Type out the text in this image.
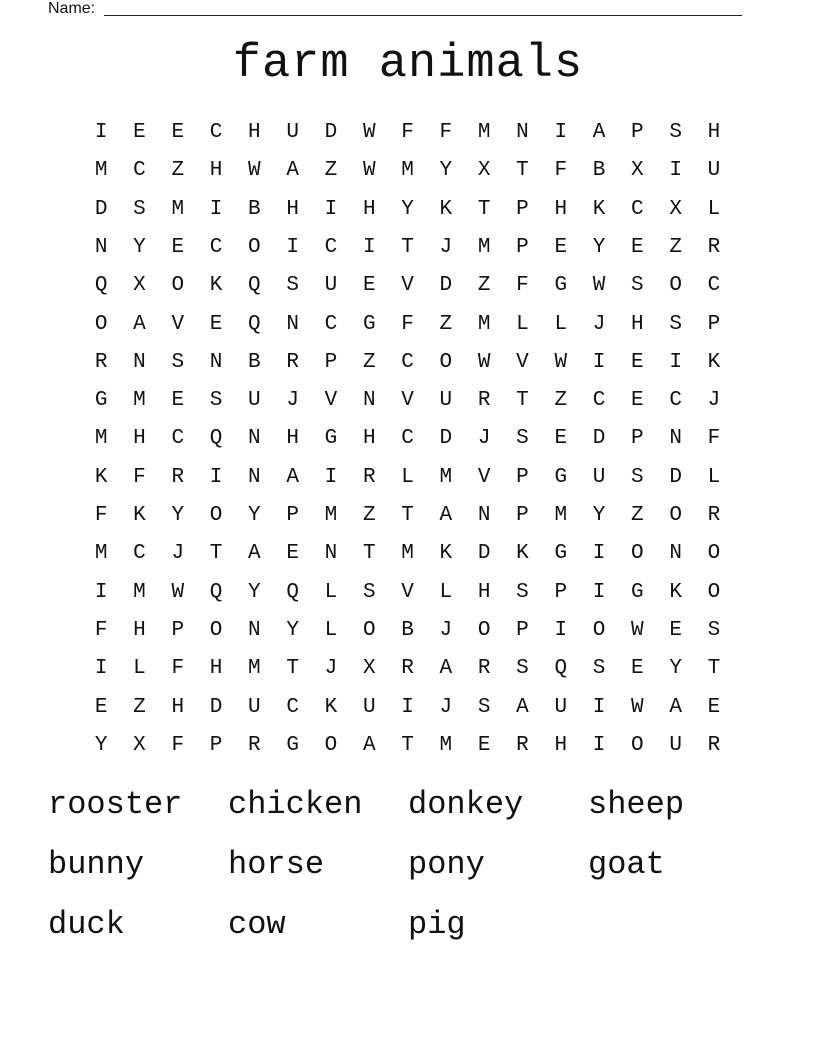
Name:
farm animals
I	E	E	C	H	U	D	W	F	F	M	N	I	A	P	S	H
M	C	Z	H	W	A	Z	W	M	Y	X	T	F	B	X	I	U
D	S	M	I	B	H	I	H	Y	K	T	P	H	K	C	X	L
N	Y	E	C	O	I	C	I	T	J	M	P	E	Y	E	Z	R
Q	X	O	K	Q	S	U	E	V	D	Z	F	G	W	S	O	C
O	A	V	E	Q	N	C	G	F	Z	M	L	L	J	H	S	P
R	N	S	N	B	R	P	Z	C	O	W	V	W	I	E	I	K
G	M	E	S	U	J	V	N	V	U	R	T	Z	C	E	C	J
M	H	C	Q	N	H	G	H	C	D	J	S	E	D	P	N	F
K	F	R	I	N	A	I	R	L	M	V	P	G	U	S	D	L
F	K	Y	O	Y	P	M	Z	T	A	N	P	M	Y	Z	O	R
M	C	J	T	A	E	N	T	M	K	D	K	G	I	O	N	O
I	M	W	Q	Y	Q	L	S	V	L	H	S	P	I	G	K	O
F	H	P	O	N	Y	L	O	B	J	O	P	I	O	W	E	S
I	L	F	H	M	T	J	X	R	A	R	S	Q	S	E	Y	T
E	Z	H	D	U	C	K	U	I	J	S	A	U	I	W	A	E
Y	X	F	P	R	G	O	A	T	M	E	R	H	I	O	U	R
rooster chicken donkey sheep
bunny	horse	pony	goat
duck	cow	pig
